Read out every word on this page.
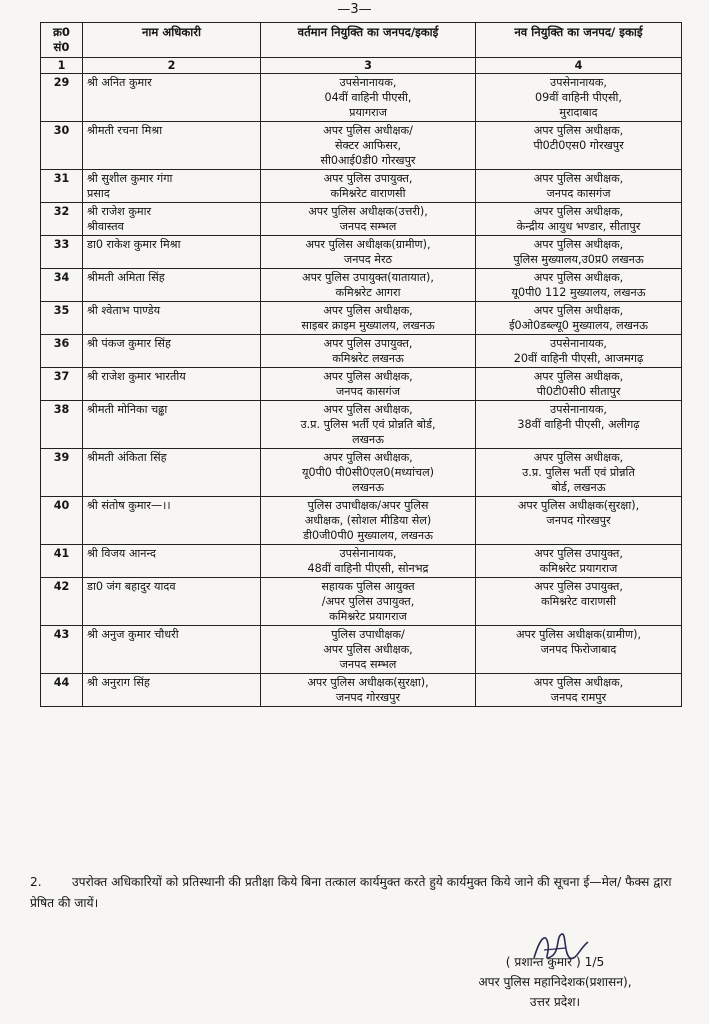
—3—
क्र0 सं0	नाम अधिकारी	वर्तमान नियुक्ति का जनपद/इकाई	नव नियुक्ति का जनपद/ इकाई
1	2	3	4
29	श्री अनित कुमार	उपसेनानायक,
04वीं वाहिनी पीएसी,
प्रयागराज	उपसेनानायक,
09वीं वाहिनी पीएसी,
मुरादाबाद
30	श्रीमती रचना मिश्रा	अपर पुलिस अधीक्षक/
सेक्टर आफिसर,
सी0आई0डी0 गोरखपुर	अपर पुलिस अधीक्षक,
पी0टी0एस0 गोरखपुर
31	श्री सुशील कुमार गंगा
प्रसाद	अपर पुलिस उपायुक्त,
कमिश्नरेट वाराणसी	अपर पुलिस अधीक्षक,
जनपद कासगंज
32	श्री राजेश कुमार
श्रीवास्तव	अपर पुलिस अधीक्षक(उत्तरी),
जनपद सम्भल	अपर पुलिस अधीक्षक,
केन्द्रीय आयुध भण्डार, सीतापुर
33	डा0 राकेश कुमार मिश्रा	अपर पुलिस अधीक्षक(ग्रामीण),
जनपद मेरठ	अपर पुलिस अधीक्षक,
पुलिस मुख्यालय,उ0प्र0 लखनऊ
34	श्रीमती अमिता सिंह	अपर पुलिस उपायुक्त(यातायात),
कमिश्नरेट आगरा	अपर पुलिस अधीक्षक,
यू0पी0 112 मुख्यालय, लखनऊ
35	श्री श्वेताभ पाण्डेय	अपर पुलिस अधीक्षक,
साइबर क्राइम मुख्यालय, लखनऊ	अपर पुलिस अधीक्षक,
ई0ओ0डब्ल्यू0 मुख्यालय, लखनऊ
36	श्री पंकज कुमार सिंह	अपर पुलिस उपायुक्त,
कमिश्नरेट लखनऊ	उपसेनानायक,
20वीं वाहिनी पीएसी, आजमगढ़
37	श्री राजेश कुमार भारतीय	अपर पुलिस अधीक्षक,
जनपद कासगंज	अपर पुलिस अधीक्षक,
पी0टी0सी0 सीतापुर
38	श्रीमती मोनिका चढ्ढा	अपर पुलिस अधीक्षक,
उ.प्र. पुलिस भर्ती एवं प्रोन्नति बोर्ड,
लखनऊ	उपसेनानायक,
38वीं वाहिनी पीएसी, अलीगढ़
39	श्रीमती अंकिता सिंह	अपर पुलिस अधीक्षक,
यू0पी0 पी0सी0एल0(मध्यांचल)
लखनऊ	अपर पुलिस अधीक्षक,
उ.प्र. पुलिस भर्ती एवं प्रोन्नति
बोर्ड, लखनऊ
40	श्री संतोष कुमार—।।	पुलिस उपाधीक्षक/अपर पुलिस
अधीक्षक, (सोशल मीडिया सेल)
डी0जी0पी0 मुख्यालय, लखनऊ	अपर पुलिस अधीक्षक(सुरक्षा),
जनपद गोरखपुर
41	श्री विजय आनन्द	उपसेनानायक,
48वीं वाहिनी पीएसी, सोनभद्र	अपर पुलिस उपायुक्त,
कमिश्नरेट प्रयागराज
42	डा0 जंग बहादुर यादव	सहायक पुलिस आयुक्त
/अपर पुलिस उपायुक्त,
कमिश्नरेट प्रयागराज	अपर पुलिस उपायुक्त,
कमिश्नरेट वाराणसी
43	श्री अनुज कुमार चौधरी	पुलिस उपाधीक्षक/
अपर पुलिस अधीक्षक,
जनपद सम्भल	अपर पुलिस अधीक्षक(ग्रामीण),
जनपद फिरोजाबाद
44	श्री अनुराग सिंह	अपर पुलिस अधीक्षक(सुरक्षा),
जनपद गोरखपुर	अपर पुलिस अधीक्षक,
जनपद रामपुर
2. उपरोक्त अधिकारियों को प्रतिस्थानी की प्रतीक्षा किये बिना तत्काल कार्यमुक्त करते हुये कार्यमुक्त किये जाने की सूचना ई—मेल/ फैक्स द्वारा प्रेषित की जायें।
( प्रशान्त कुमार ) 1/5
अपर पुलिस महानिदेशक(प्रशासन),
उत्तर प्रदेश।
